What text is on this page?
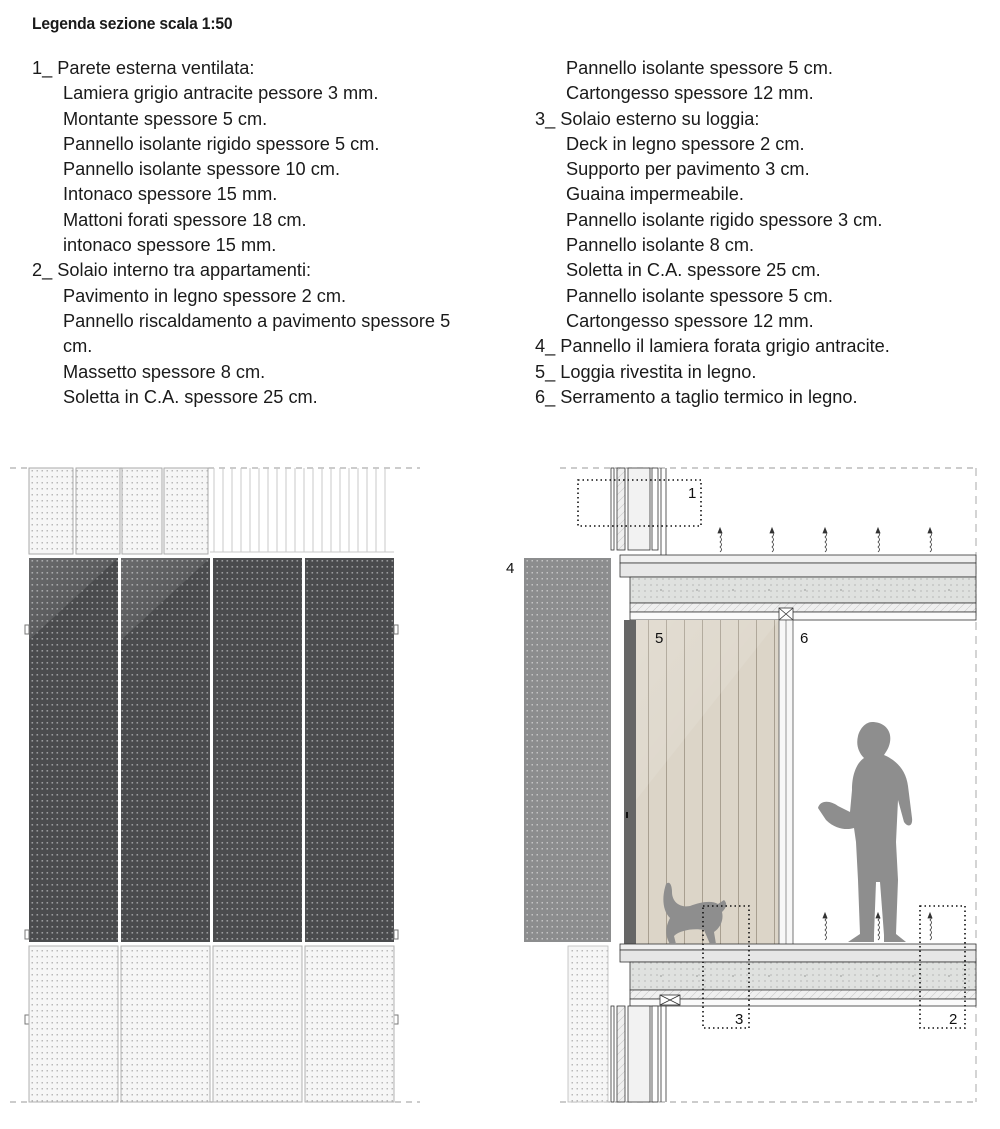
Legenda sezione scala 1:50
1_ Parete esterna ventilata:
Lamiera grigio antracite pessore 3 mm.
Montante spessore 5 cm.
Pannello isolante rigido spessore 5 cm.
Pannello isolante spessore 10 cm.
Intonaco spessore 15 mm.
Mattoni forati spessore 18 cm.
intonaco spessore 15 mm.
2_ Solaio interno tra appartamenti:
Pavimento in legno spessore 2 cm.
Pannello riscaldamento a pavimento spessore 5 cm.
Massetto spessore 8 cm.
Soletta in C.A. spessore 25 cm.
Pannello isolante spessore 5 cm.
Cartongesso spessore 12 mm.
3_ Solaio esterno su loggia:
Deck in legno spessore 2 cm.
Supporto per pavimento 3 cm.
Guaina impermeabile.
Pannello isolante rigido spessore 3 cm.
Pannello isolante 8 cm.
Soletta in C.A. spessore 25 cm.
Pannello isolante spessore 5 cm.
Cartongesso spessore 12 mm.
4_ Pannello il lamiera forata grigio antracite.
5_ Loggia rivestita in legno.
6_ Serramento a taglio termico in legno.
1
4
5	6
3	2
